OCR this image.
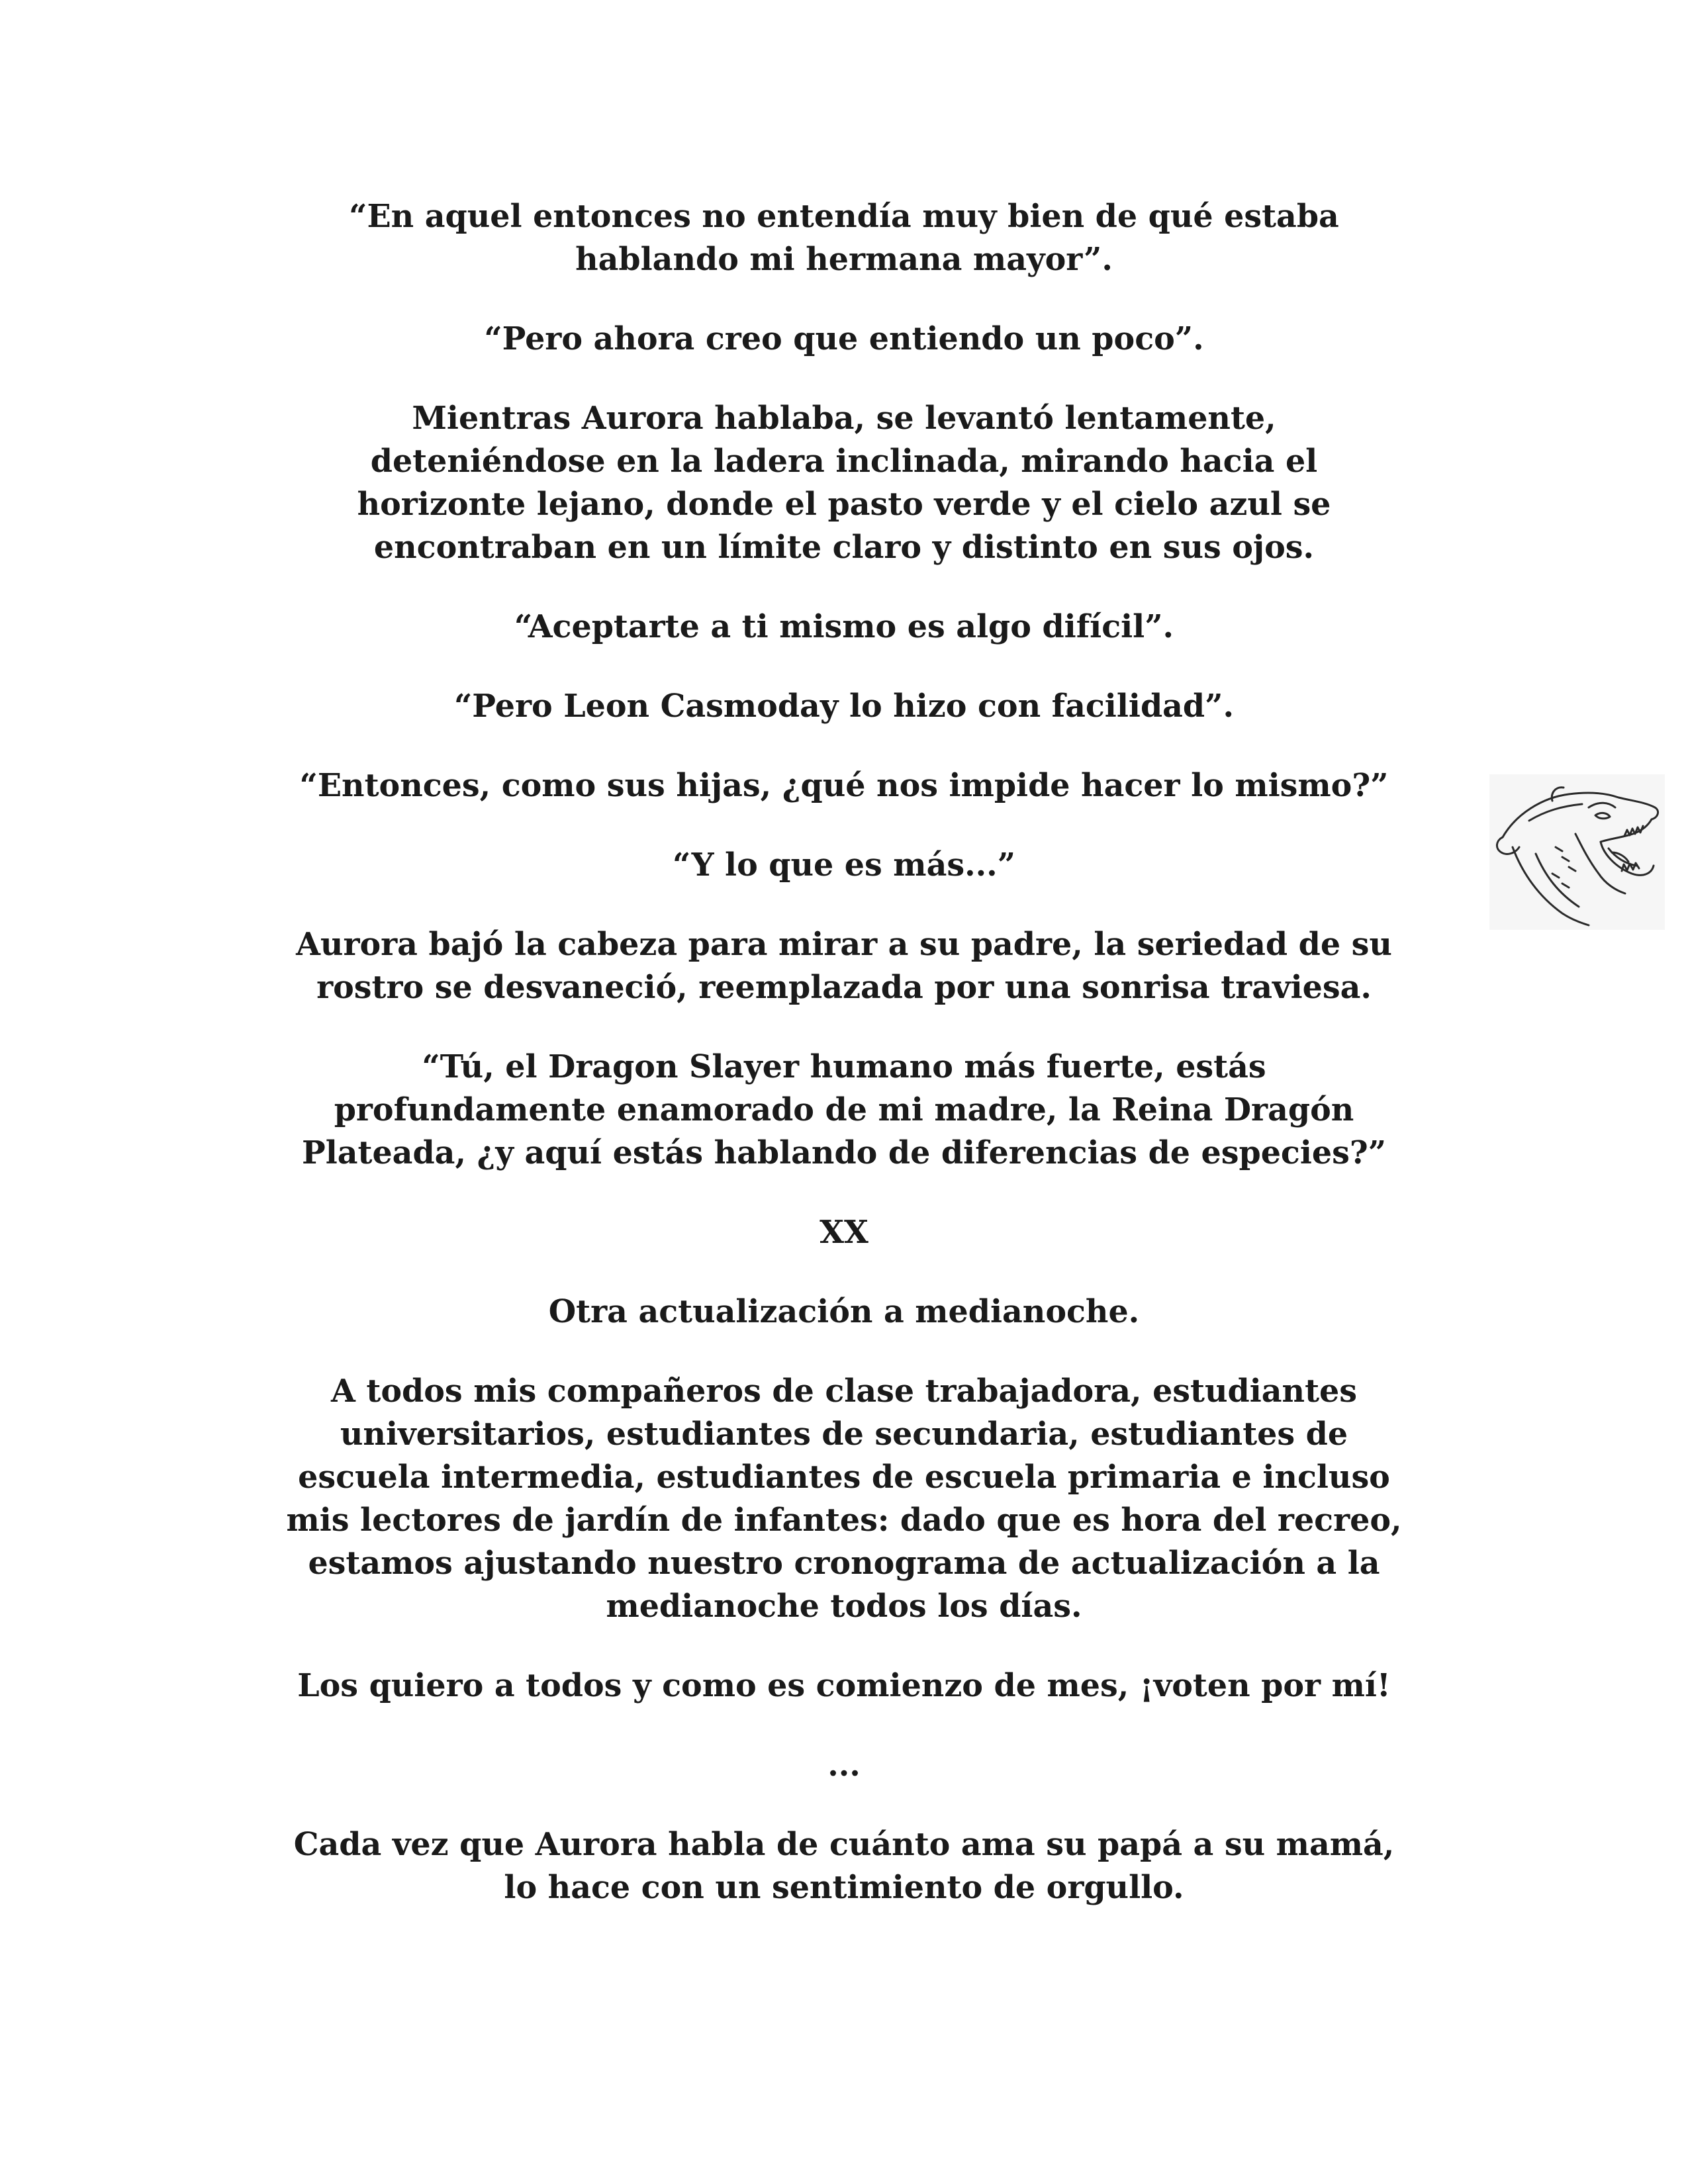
“En aquel entonces no entendía muy bien de qué estaba
hablando mi hermana mayor”.

“Pero ahora creo que entiendo un poco”.

Mientras Aurora hablaba, se levantó lentamente,
deteniéndose en la ladera inclinada, mirando hacia el
horizonte lejano, donde el pasto verde y el cielo azul se
encontraban en un límite claro y distinto en sus ojos.

“Aceptarte a ti mismo es algo difícil”.

“Pero Leon Casmoday lo hizo con facilidad”.

“Entonces, como sus hijas, ¿qué nos impide hacer lo mismo?”

“Y lo que es más...”

Aurora bajó la cabeza para mirar a su padre, la seriedad de su
rostro se desvaneció, reemplazada por una sonrisa traviesa.

“Tú, el Dragon Slayer humano más fuerte, estás
profundamente enamorado de mi madre, la Reina Dragón
Plateada, ¿y aquí estás hablando de diferencias de especies?”

XX

Otra actualización a medianoche.

A todos mis compañeros de clase trabajadora, estudiantes
universitarios, estudiantes de secundaria, estudiantes de
escuela intermedia, estudiantes de escuela primaria e incluso
mis lectores de jardín de infantes: dado que es hora del recreo,
estamos ajustando nuestro cronograma de actualización a la
medianoche todos los días.

Los quiero a todos y como es comienzo de mes, ¡voten por mí!

...

Cada vez que Aurora habla de cuánto ama su papá a su mamá,
lo hace con un sentimiento de orgullo.
